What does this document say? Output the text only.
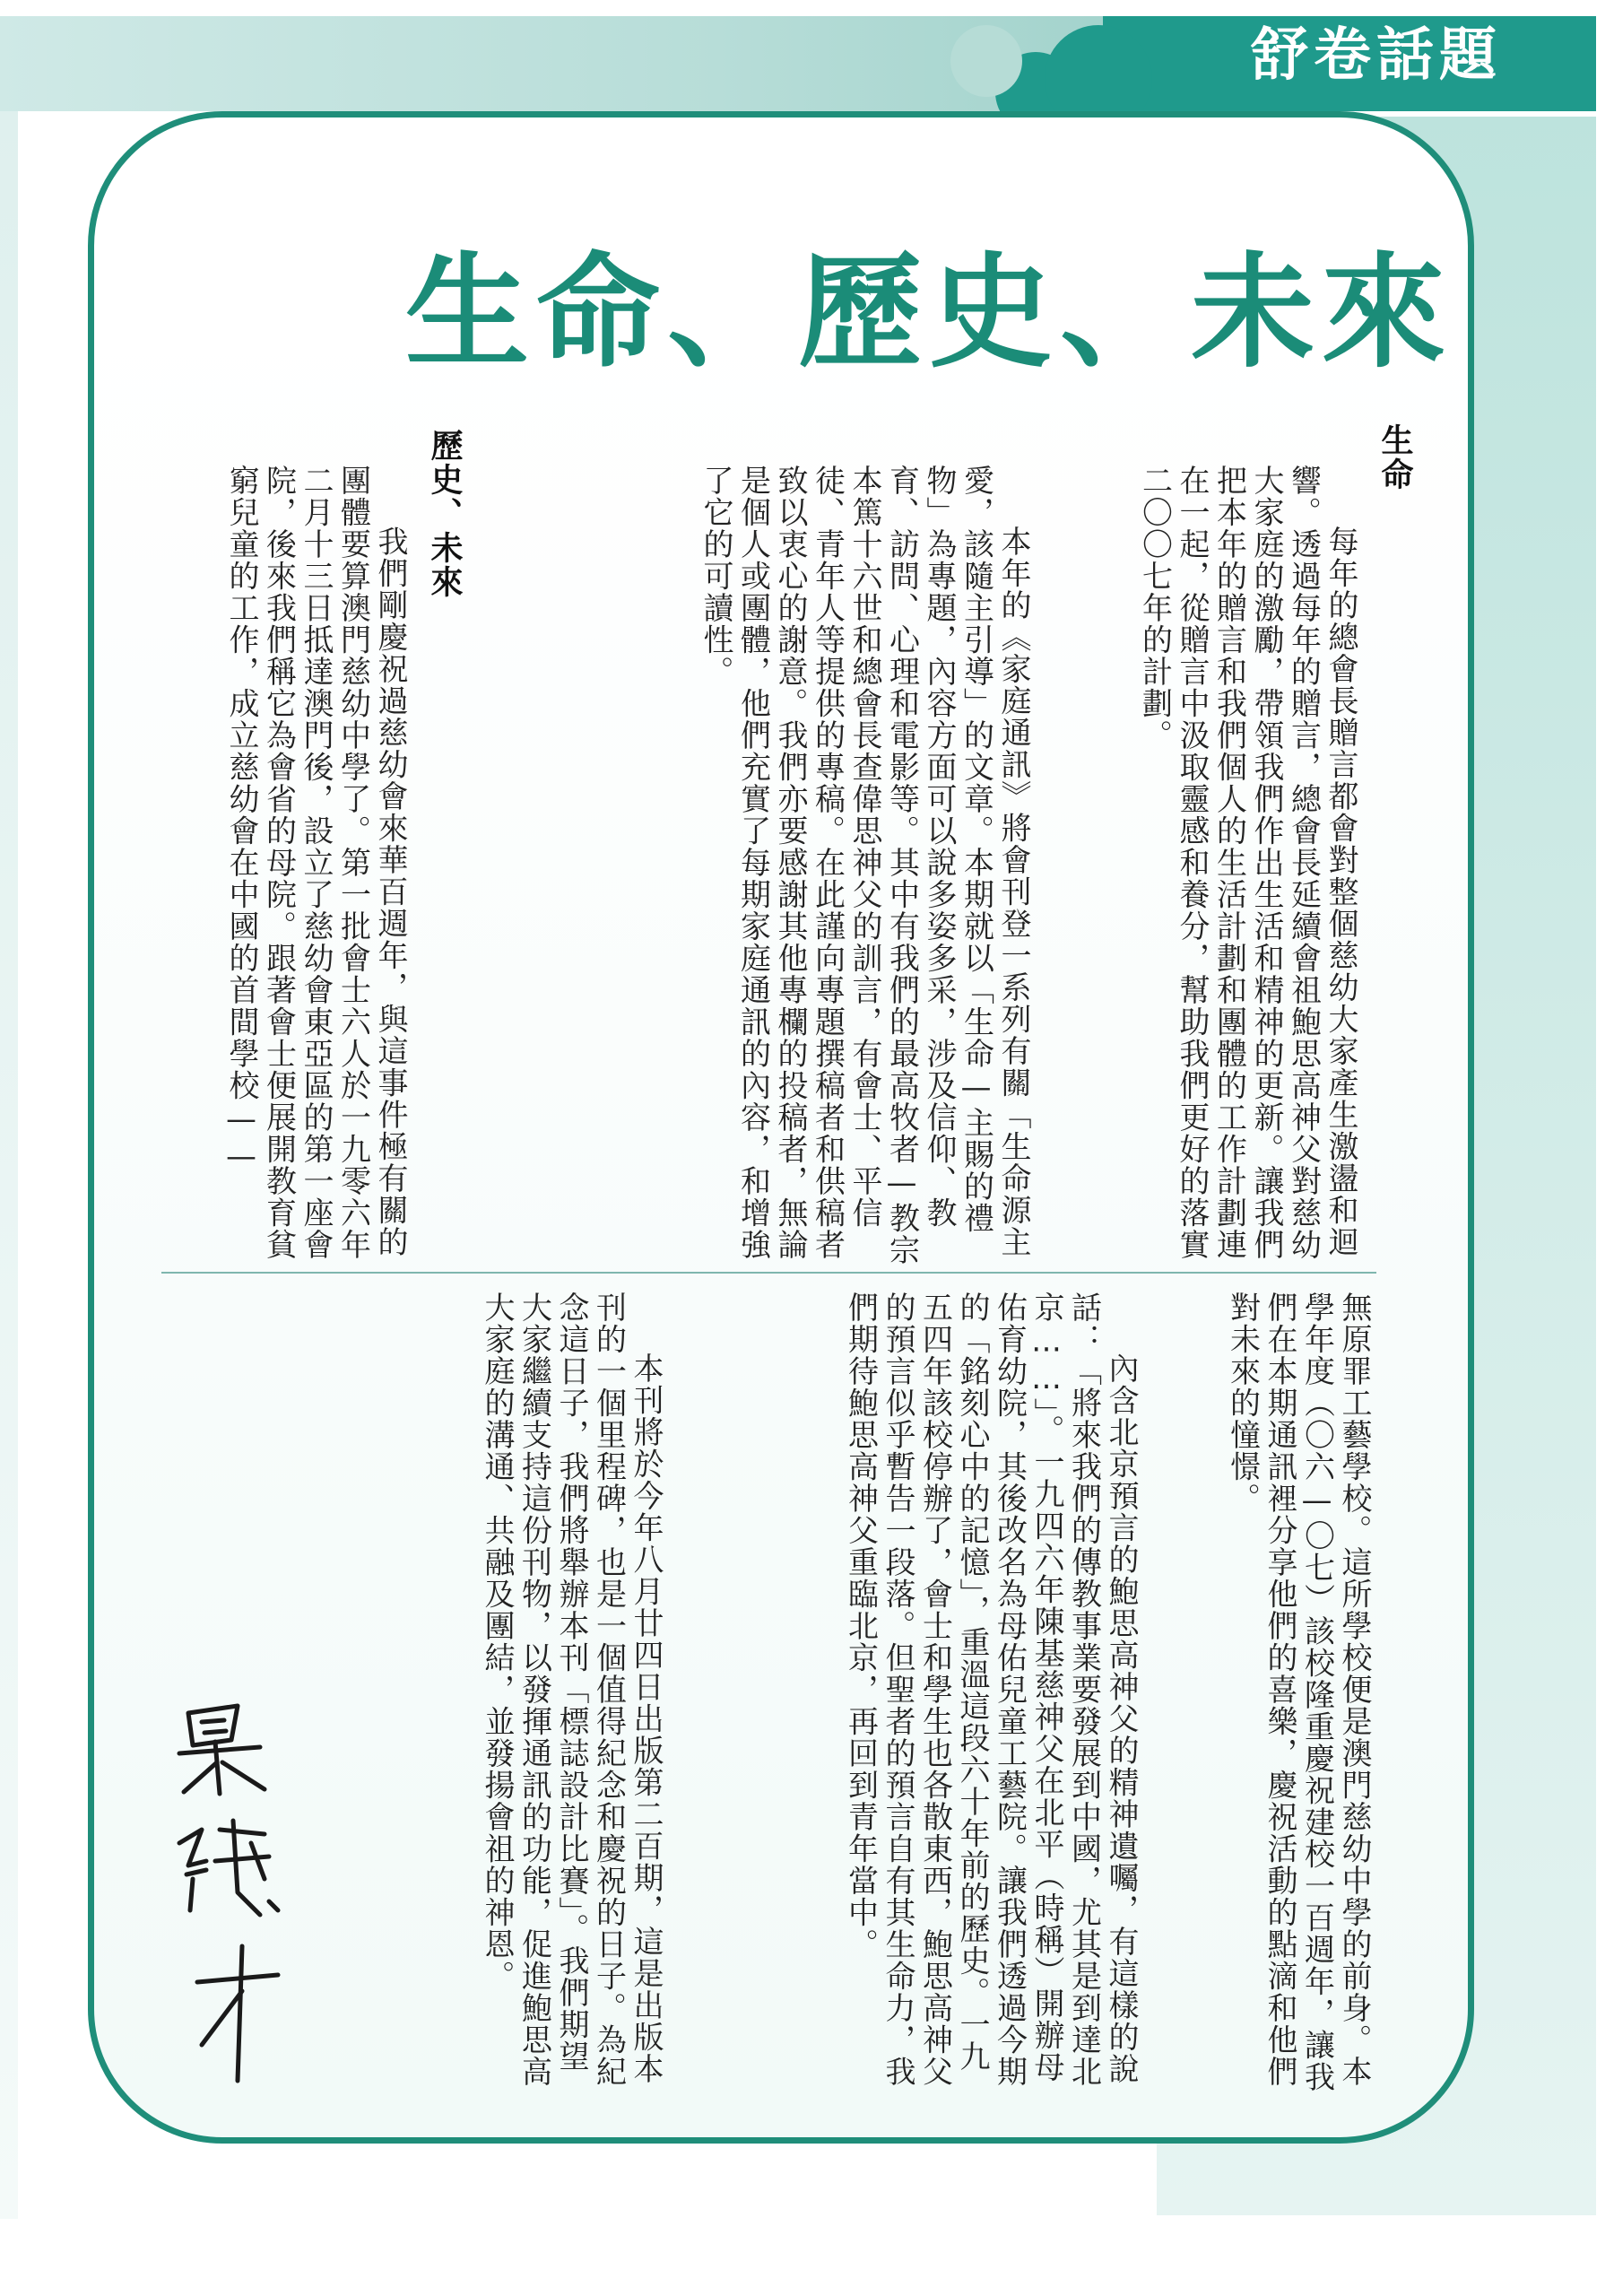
舒卷話題
生命、歷史、未來
生命

每年的總會長贈言都會對整個慈幼大家產生激盪和迴響。透過每年的贈言，總會長延續會祖鮑思高神父對慈幼大家庭的激勵，帶領我們作出生活和精神的更新。讓我們把本年的贈言和我們個人的生活計劃和團體的工作計劃連在一起，從贈言中汲取靈感和養分，幫助我們更好的落實二〇〇七年的計劃。

本年的《家庭通訊》將會刊登一系列有關「生命源主愛，該隨主引導」的文章。本期就以「生命—主賜的禮物」為專題，內容方面可以說多姿多采，涉及信仰、教育、訪問、心理和電影等。其中有我們的最高牧者—教宗本篤十六世和總會長查偉思神父的訓言，有會士、平信徒、青年人等提供的專稿。在此謹向專題撰稿者和供稿者致以衷心的謝意。我們亦要感謝其他專欄的投稿者，無論是個人或團體，他們充實了每期家庭通訊的內容，和增強了它的可讀性。

歷史、未來

我們剛慶祝過慈幼會來華百週年，與這事件極有關的團體要算澳門慈幼中學了。第一批會士六人於一九零六年二月十三日抵達澳門後，設立了慈幼會東亞區的第一座會院，後來我們稱它為會省的母院。跟著會士便展開教育貧窮兒童的工作，成立慈幼會在中國的首間學校——

無原罪工藝學校。這所學校便是澳門慈幼中學的前身。本學年度（〇六—〇七）該校隆重慶祝建校一百週年，讓我們在本期通訊裡分享他們的喜樂，慶祝活動的點滴和他們對未來的憧憬。

內含北京預言的鮑思高神父的精神遺囑，有這樣的說話：「將來我們的傳教事業要發展到中國，尤其是到達北京……」。一九四六年陳基慈神父在北平（時稱）開辦母佑育幼院，其後改名為母佑兒童工藝院。讓我們透過今期的「銘刻心中的記憶」，重溫這段六十年前的歷史。一九五四年該校停辦了，會士和學生也各散東西，鮑思高神父的預言似乎暫告一段落。但聖者的預言自有其生命力，我們期待鮑思高神父重臨北京，再回到青年當中。

本刊將於今年八月廿四日出版第二百期，這是出版本刊的一個里程碑，也是一個值得紀念和慶祝的日子。為紀念這日子，我們將舉辦本刊「標誌設計比賽」。我們期望大家繼續支持這份刊物，以發揮通訊的功能，促進鮑思高大家庭的溝通、共融及團結，並發揚會祖的神恩。
